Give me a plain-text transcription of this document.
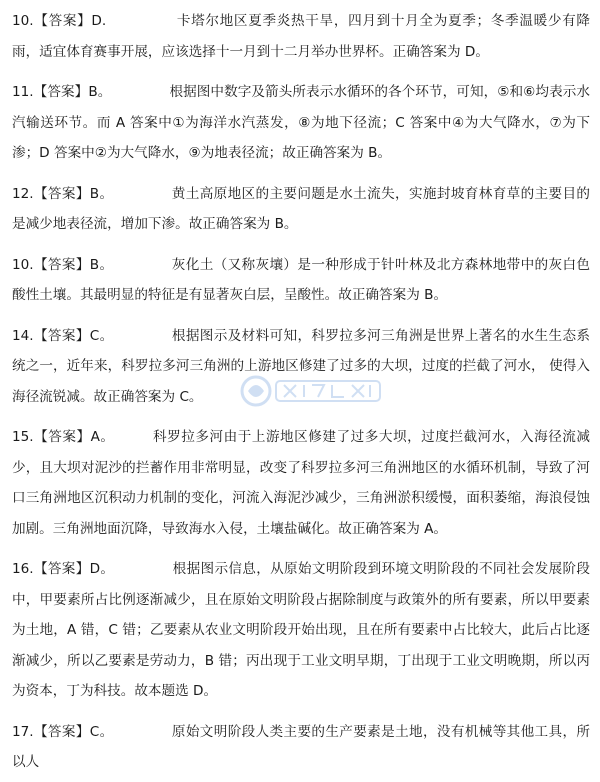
10.【答案】D.	卡塔尔地区夏季炎热干旱，四月到十月全为夏季；冬季温暖少有降雨，适宜体育赛事开展，应该选择十一月到十二月举办世界杯。正确答案为 D。
11.【答案】B。	根据图中数字及箭头所表示水循环的各个环节，可知，⑤和⑥均表示水汽输送环节。而 A 答案中①为海洋水汽蒸发，⑧为地下径流；C 答案中④为大气降水，⑦为下渗；D 答案中②为大气降水，⑨为地表径流；故正确答案为 B。
12.【答案】B。	黄土高原地区的主要问题是水土流失，实施封坡育林育草的主要目的是减少地表径流，增加下渗。故正确答案为 B。
10.【答案】B。	灰化土（又称灰壤）是一种形成于针叶林及北方森林地带中的灰白色酸性土壤。其最明显的特征是有显著灰白层，呈酸性。故正确答案为 B。
14.【答案】C。	根据图示及材料可知，科罗拉多河三角洲是世界上著名的水生生态系统之一，近年来，科罗拉多河三角洲的上游地区修建了过多的大坝，过度的拦截了河水， 使得入海径流锐减。故正确答案为 C。
15.【答案】A。	科罗拉多河由于上游地区修建了过多大坝，过度拦截河水，入海径流减少，且大坝对泥沙的拦蓄作用非常明显，改变了科罗拉多河三角洲地区的水循环机制，导致了河口三角洲地区沉积动力机制的变化，河流入海泥沙减少，三角洲淤积缓慢，面积萎缩，海浪侵蚀加剧。三角洲地面沉降，导致海水入侵，土壤盐碱化。故正确答案为 A。
16.【答案】D。	根据图示信息，从原始文明阶段到环境文明阶段的不同社会发展阶段中，甲要素所占比例逐渐减少，且在原始文明阶段占据除制度与政策外的所有要素，所以甲要素为土地，A 错，C 错；乙要素从农业文明阶段开始出现，且在所有要素中占比较大，此后占比逐渐减少，所以乙要素是劳动力，B 错；丙出现于工业文明早期，丁出现于工业文明晚期，所以丙为资本，丁为科技。故本题选 D。
17.【答案】C。	原始文明阶段人类主要的生产要素是土地，没有机械等其他工具，所以人
